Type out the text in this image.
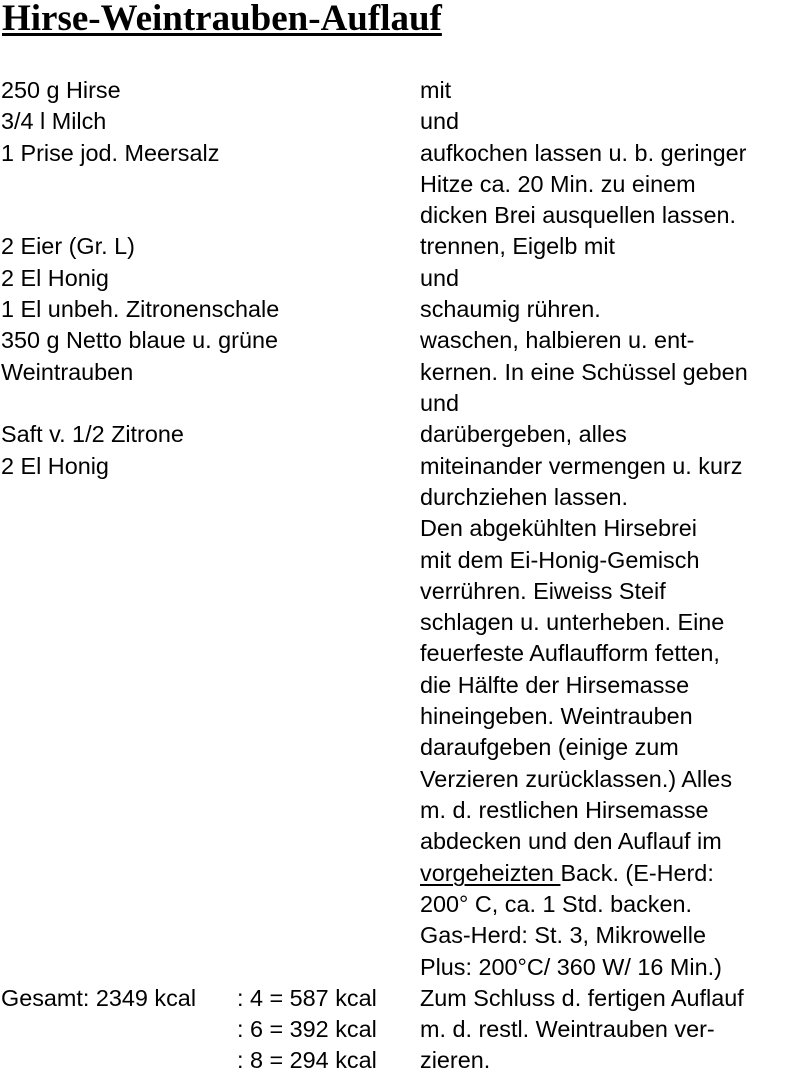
Hirse-Weintrauben-Auflauf
250 g Hirse
3/4 l Milch
1 Prise jod. Meersalz
2 Eier (Gr. L)
2 El Honig
1 El unbeh. Zitronenschale
350 g Netto blaue u. grüne
Weintrauben
Saft v. 1/2 Zitrone
2 El Honig
Gesamt: 2349 kcal : 4 = 587 kcal
: 6 = 392 kcal
: 8 = 294 kcal
mit
und
aufkochen lassen u. b. geringer
Hitze ca. 20 Min. zu einem
dicken Brei ausquellen lassen.
trennen, Eigelb mit
und
schaumig rühren.
waschen, halbieren u. ent-
kernen. In eine Schüssel geben
und
darübergeben, alles
miteinander vermengen u. kurz
durchziehen lassen.
Den abgekühlten Hirsebrei
mit dem Ei-Honig-Gemisch
verrühren. Eiweiss Steif
schlagen u. unterheben. Eine
feuerfeste Auflaufform fetten,
die Hälfte der Hirsemasse
hineingeben. Weintrauben
daraufgeben (einige zum
Verzieren zurücklassen.) Alles
m. d. restlichen Hirsemasse
abdecken und den Auflauf im
vorgeheizten Back. (E-Herd:
200° C, ca. 1 Std. backen.
Gas-Herd: St. 3, Mikrowelle
Plus: 200°C/ 360 W/ 16 Min.)
Zum Schluss d. fertigen Auflauf
m. d. restl. Weintrauben ver-
zieren.
